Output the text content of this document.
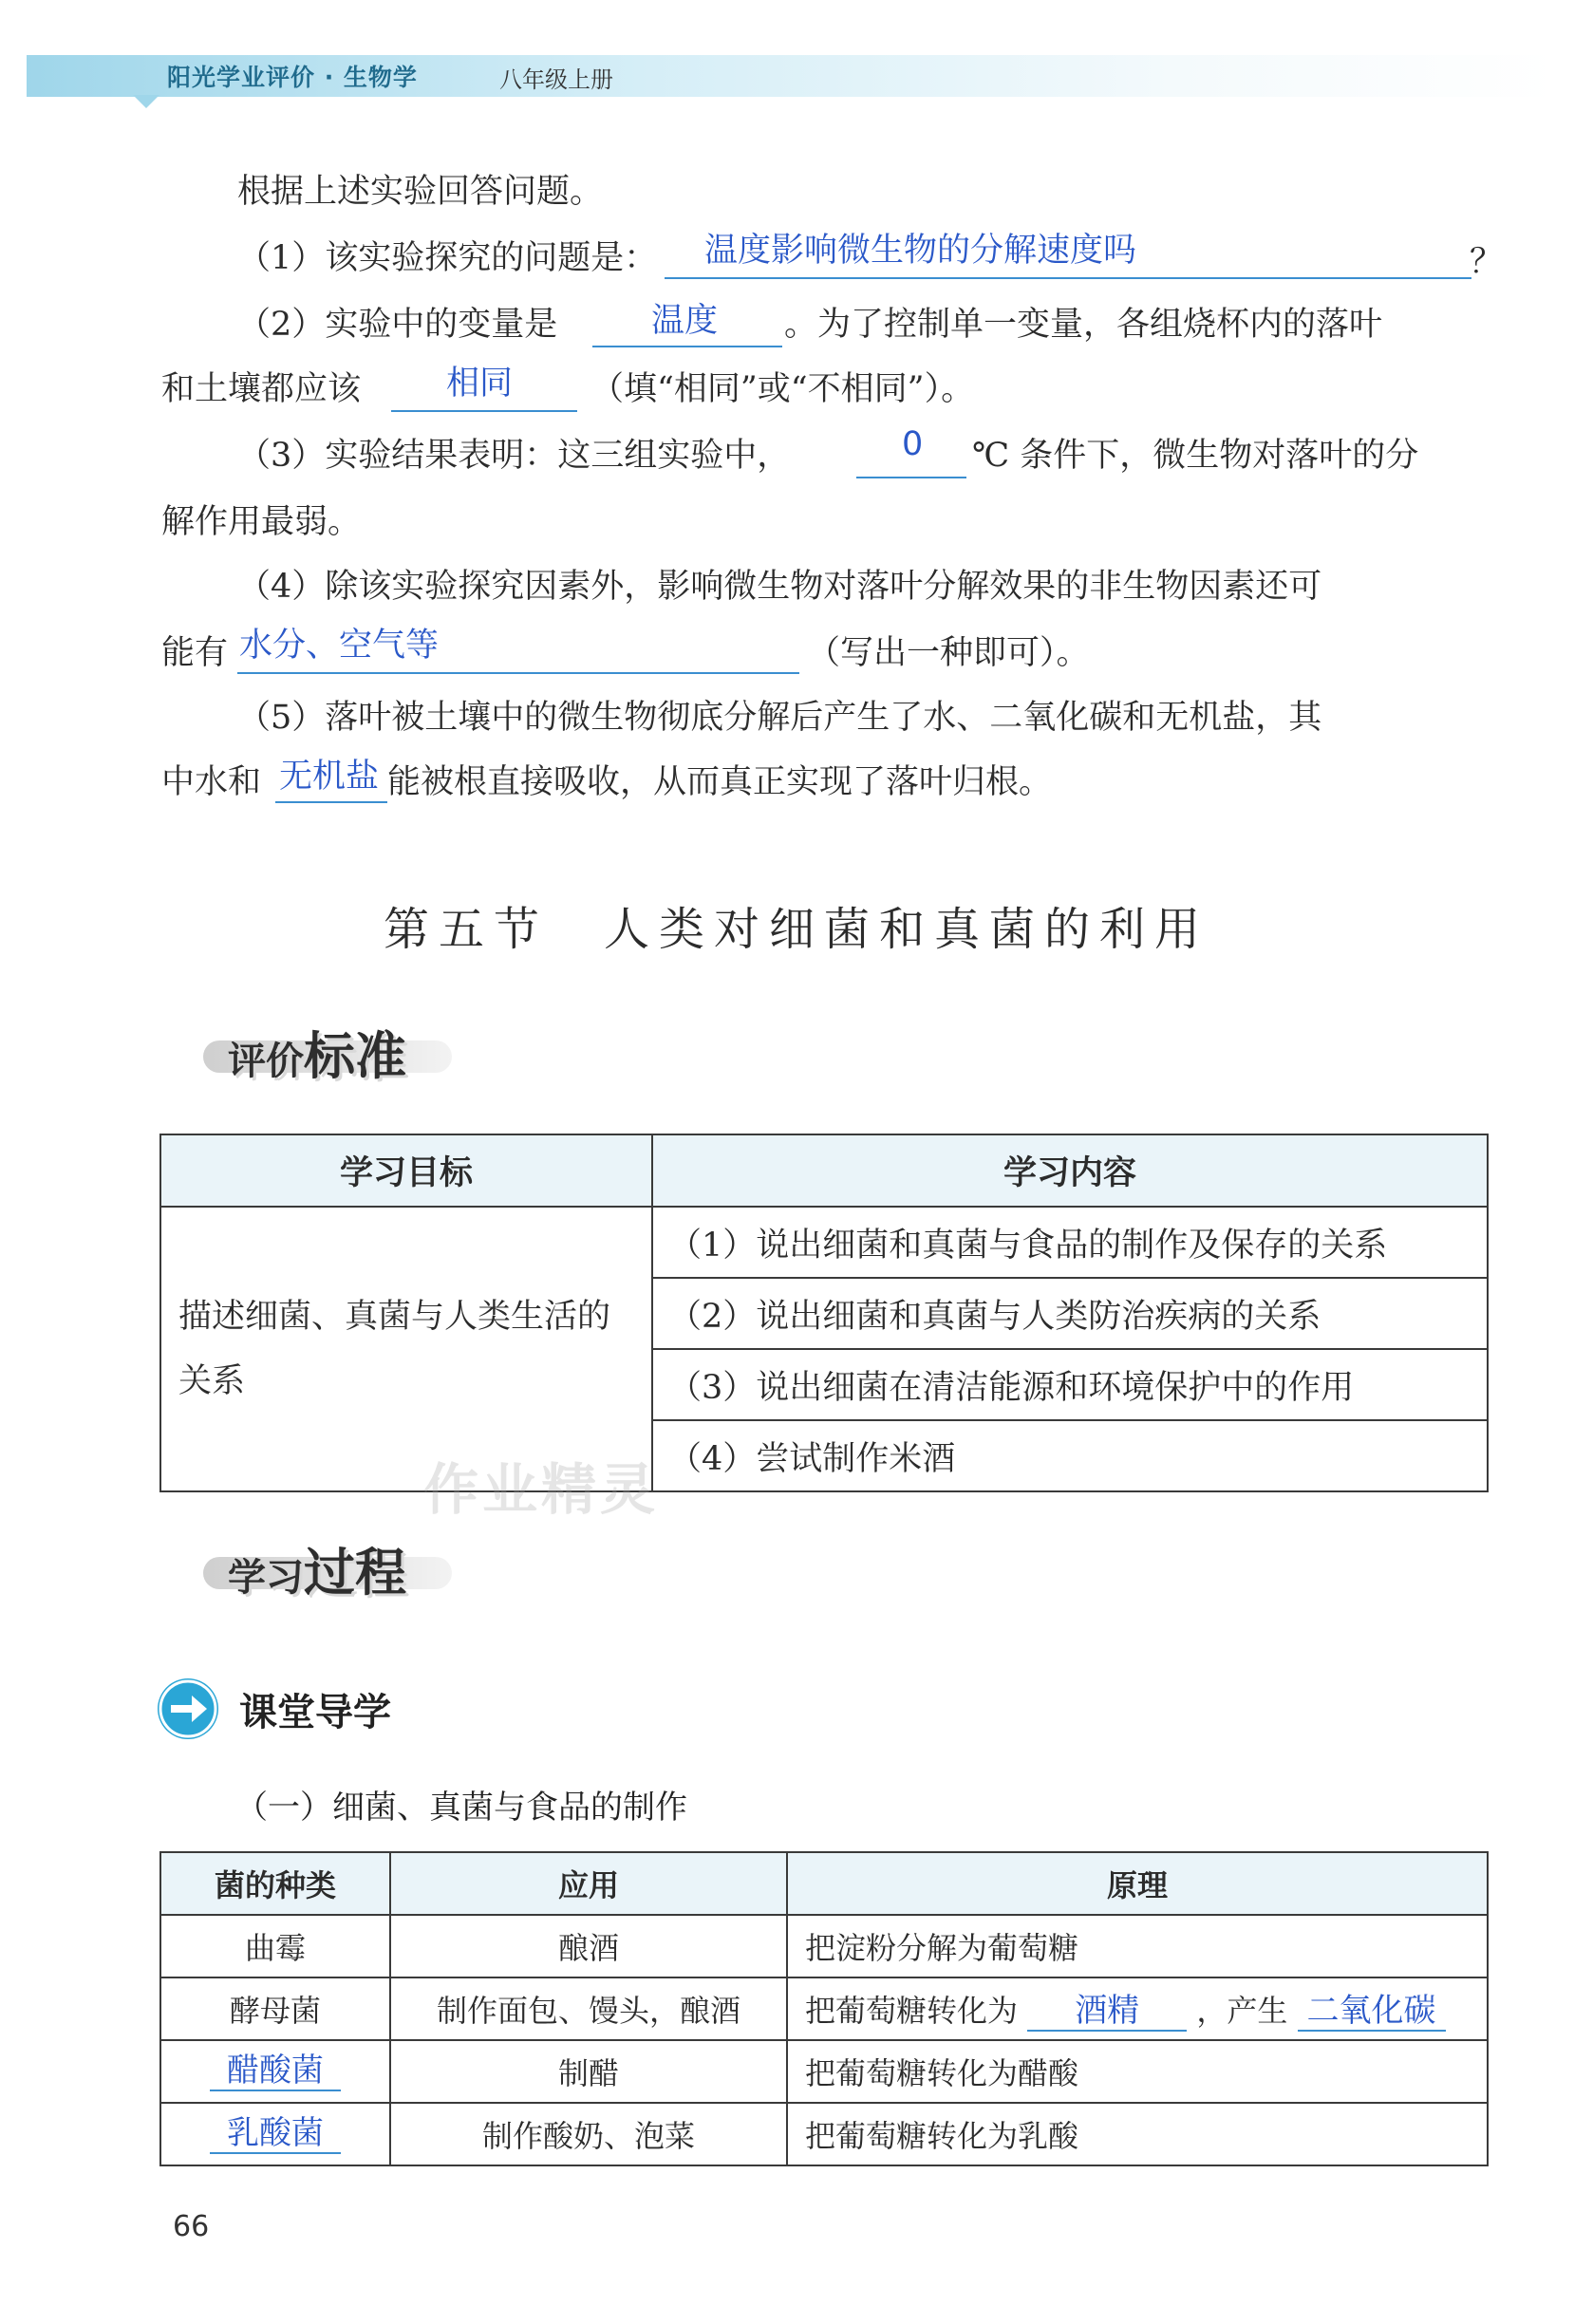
阳光学业评价 · 生物学	八年级上册
根据上述实验回答问题。
（1）该实验探究的问题是： 温度影响微生物的分解速度吗	？
（2）实验中的变量是	温度 。为了控制单一变量，各组烧杯内的落叶
和土壤都应该	相同 （填“相同”或“不相同”）。
（3）实验结果表明：这三组实验中，	0 ℃ 条件下，微生物对落叶的分
解作用最弱。
（4）除该实验探究因素外，影响微生物对落叶分解效果的非生物因素还可
能有 水分、空气等	（写出一种即可）。
（5）落叶被土壤中的微生物彻底分解后产生了水、二氧化碳和无机盐，其
中水和 无机盐 能被根直接吸收，从而真正实现了落叶归根。
第五节　人类对细菌和真菌的利用
评价标准
学习目标	学习内容
描述细菌、真菌与人类生活的关系	（1）说出细菌和真菌与食品的制作及保存的关系
	（2）说出细菌和真菌与人类防治疾病的关系
	（3）说出细菌在清洁能源和环境保护中的作用
	（4）尝试制作米酒
作业精灵
学习过程
课堂导学
（一）细菌、真菌与食品的制作
菌的种类	应用	原理
曲霉	酿酒	把淀粉分解为葡萄糖
酵母菌	制作面包、馒头，酿酒	把葡萄糖转化为 酒精 ，产生 二氧化碳
醋酸菌	制醋	把葡萄糖转化为醋酸
乳酸菌	制作酸奶、泡菜	把葡萄糖转化为乳酸
66
